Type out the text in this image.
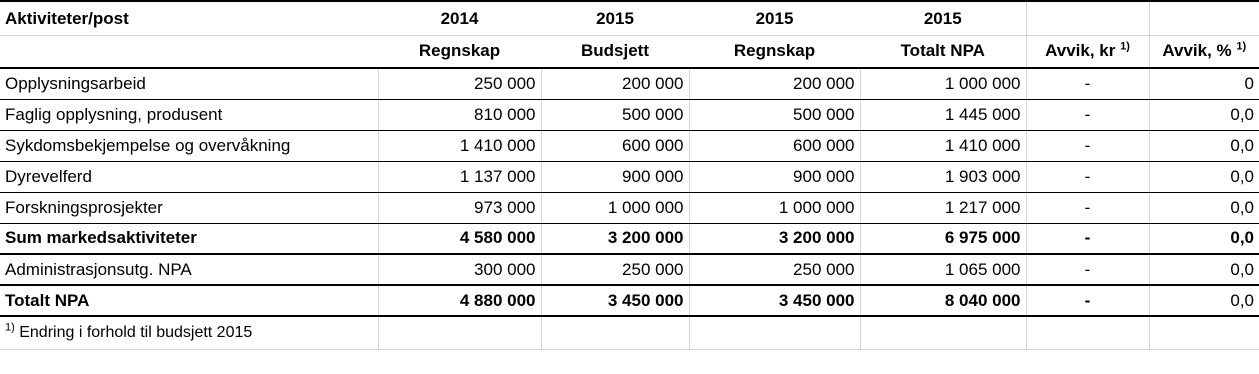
Aktiviteter/post	2014	2015	2015	2015		
	Regnskap	Budsjett	Regnskap	Totalt NPA	Avvik, kr $^{1)}$	Avvik, % $^{1)}$
Opplysningsarbeid	250 000	200 000	200 000	1 000 000	-	0
Faglig opplysning, produsent	810 000	500 000	500 000	1 445 000	-	0,0
Sykdomsbekjempelse og overvåkning	1 410 000	600 000	600 000	1 410 000	-	0,0
Dyrevelferd	1 137 000	900 000	900 000	1 903 000	-	0,0
Forskningsprosjekter	973 000	1 000 000	1 000 000	1 217 000	-	0,0
Sum markedsaktiviteter	4 580 000	3 200 000	3 200 000	6 975 000	-	0,0
Administrasjonsutg. NPA	300 000	250 000	250 000	1 065 000	-	0,0
Totalt NPA	4 880 000	3 450 000	3 450 000	8 040 000	-	0,0
$^{1)}$ Endring i forhold til budsjett 2015						
